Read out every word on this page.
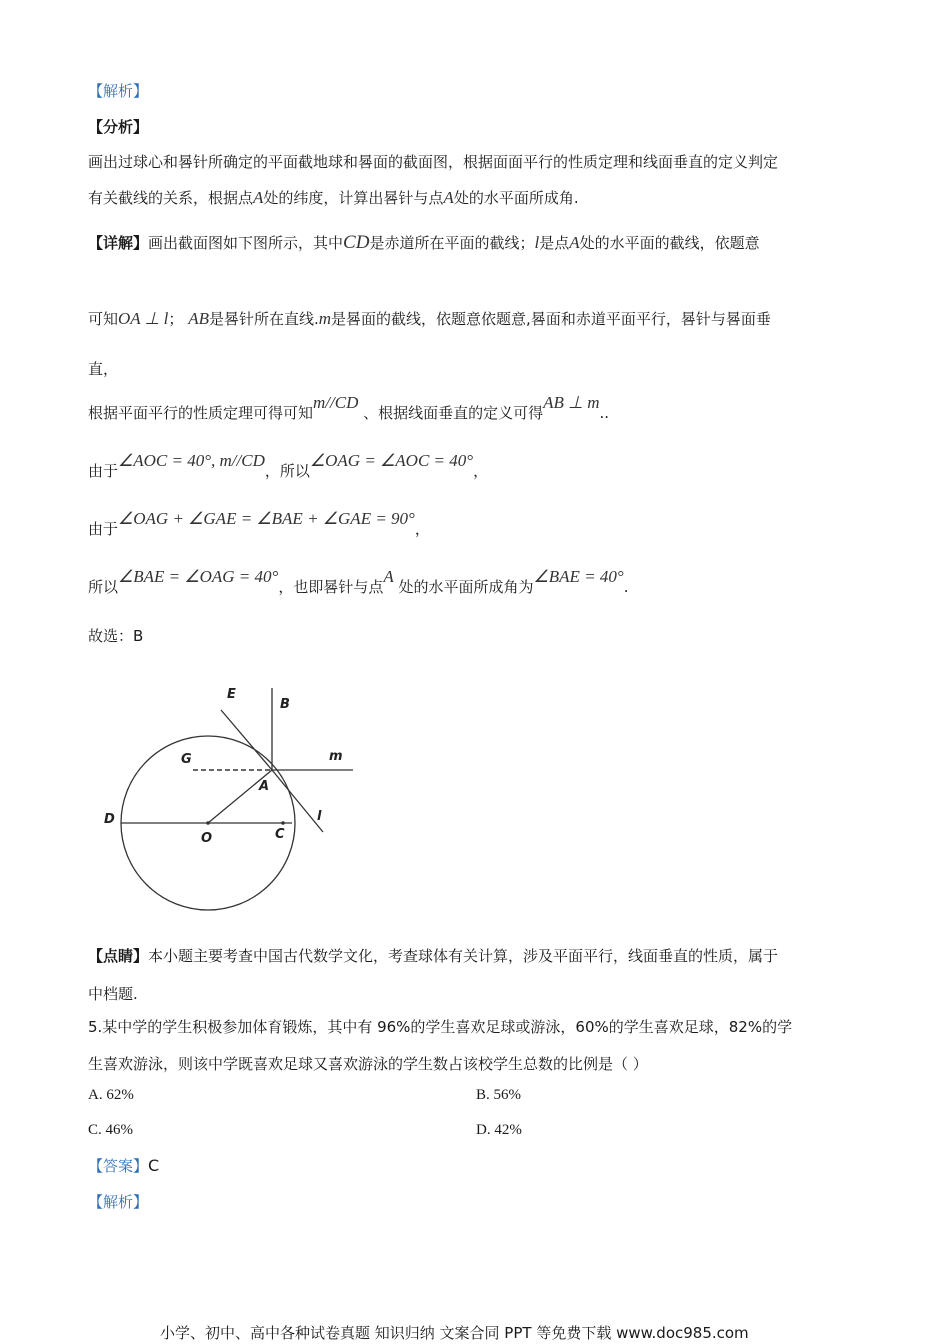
【解析】
【分析】
画出过球心和晷针所确定的平面截地球和晷面的截面图，根据面面平行的性质定理和线面垂直的定义判定
有关截线的关系，根据点A处的纬度，计算出晷针与点A处的水平面所成角.
【详解】画出截面图如下图所示，其中CD是赤道所在平面的截线；l是点A处的水平面的截线，依题意
可知OA ⊥ l； AB是晷针所在直线.m是晷面的截线，依题意依题意,晷面和赤道平面平行，晷针与晷面垂
直，
根据平面平行的性质定理可得可知m//CD 、根据线面垂直的定义可得AB ⊥ m..
由于∠AOC = 40°, m//CD，所以∠OAG = ∠AOC = 40°，
由于∠OAG + ∠GAE = ∠BAE + ∠GAE = 90°，
所以∠BAE = ∠OAG = 40°，也即晷针与点A 处的水平面所成角为∠BAE = 40°.
故选：B
E
B
G	m
A
D
O	C
l
【点睛】本小题主要考查中国古代数学文化，考查球体有关计算，涉及平面平行，线面垂直的性质，属于
中档题.
5.某中学的学生积极参加体育锻炼，其中有 96%的学生喜欢足球或游泳，60%的学生喜欢足球，82%的学
生喜欢游泳，则该中学既喜欢足球又喜欢游泳的学生数占该校学生总数的比例是（ ）
A. 62%	B. 56%
C. 46%	D. 42%
【答案】C
【解析】
小学、初中、高中各种试卷真题 知识归纳 文案合同 PPT 等免费下载 www.doc985.com
